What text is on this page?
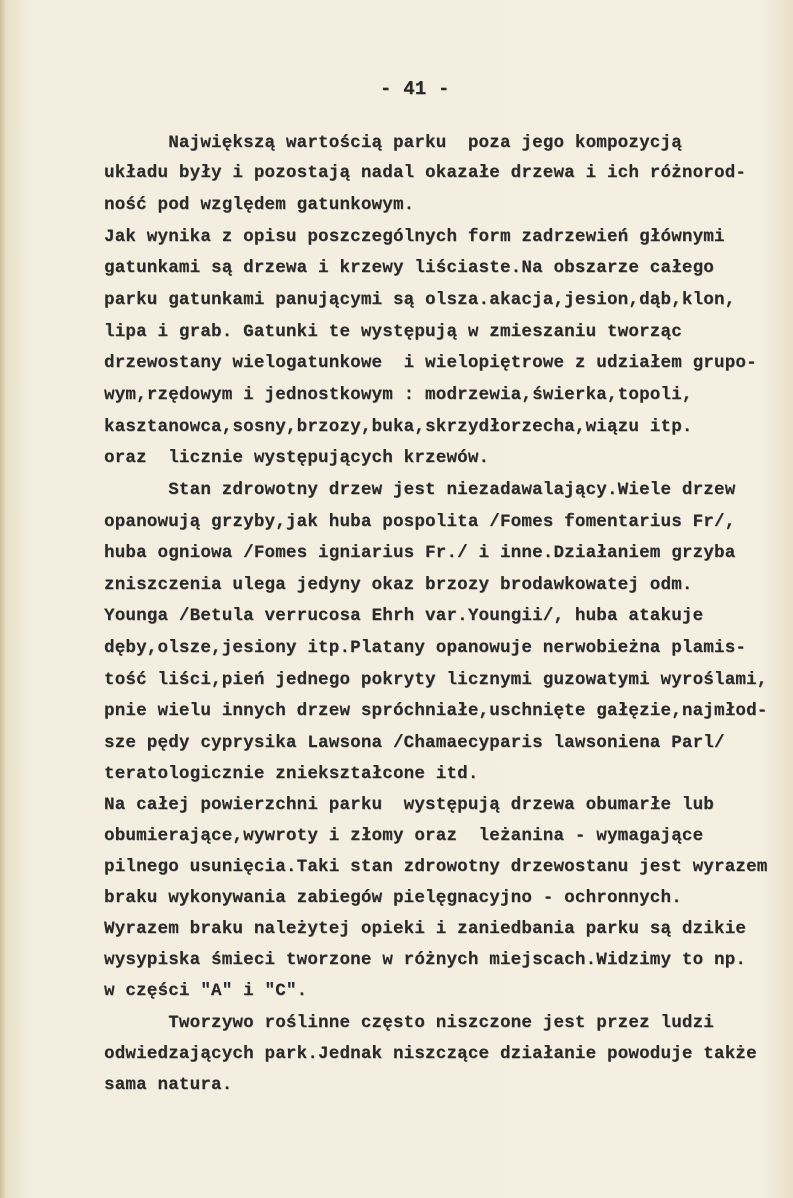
- 41 -
Największą wartością parku  poza jego kompozycją
układu były i pozostają nadal okazałe drzewa i ich różnorod-
ność pod względem gatunkowym.
Jak wynika z opisu poszczególnych form zadrzewień głównymi
gatunkami są drzewa i krzewy liściaste.Na obszarze całego
parku gatunkami panującymi są olsza.akacja,jesion,dąb,klon,
lipa i grab. Gatunki te występują w zmieszaniu tworząc
drzewostany wielogatunkowe  i wielopiętrowe z udziałem grupo-
wym,rzędowym i jednostkowym : modrzewia,świerka,topoli,
kasztanowca,sosny,brzozy,buka,skrzydłorzecha,wiązu itp.
oraz  licznie występujących krzewów.
Stan zdrowotny drzew jest niezadawalający.Wiele drzew
opanowują grzyby,jak huba pospolita /Fomes fomentarius Fr/,
huba ogniowa /Fomes igniarius Fr./ i inne.Działaniem grzyba
zniszczenia ulega jedyny okaz brzozy brodawkowatej odm.
Younga /Betula verrucosa Ehrh var.Youngii/, huba atakuje
dęby,olsze,jesiony itp.Platany opanowuje nerwobieżna plamis-
tość liści,pień jednego pokryty licznymi guzowatymi wyroślami,
pnie wielu innych drzew spróchniałe,uschnięte gałęzie,najmłod-
sze pędy cyprysika Lawsona /Chamaecyparis lawsoniena Parl/
teratologicznie zniekształcone itd.
Na całej powierzchni parku  występują drzewa obumarłe lub
obumierające,wywroty i złomy oraz  leżanina - wymagające
pilnego usunięcia.Taki stan zdrowotny drzewostanu jest wyrazem
braku wykonywania zabiegów pielęgnacyjno - ochronnych.
Wyrazem braku należytej opieki i zaniedbania parku są dzikie
wysypiska śmieci tworzone w różnych miejscach.Widzimy to np.
w części "A" i "C".
Tworzywo roślinne często niszczone jest przez ludzi
odwiedzających park.Jednak niszczące działanie powoduje także
sama natura.
